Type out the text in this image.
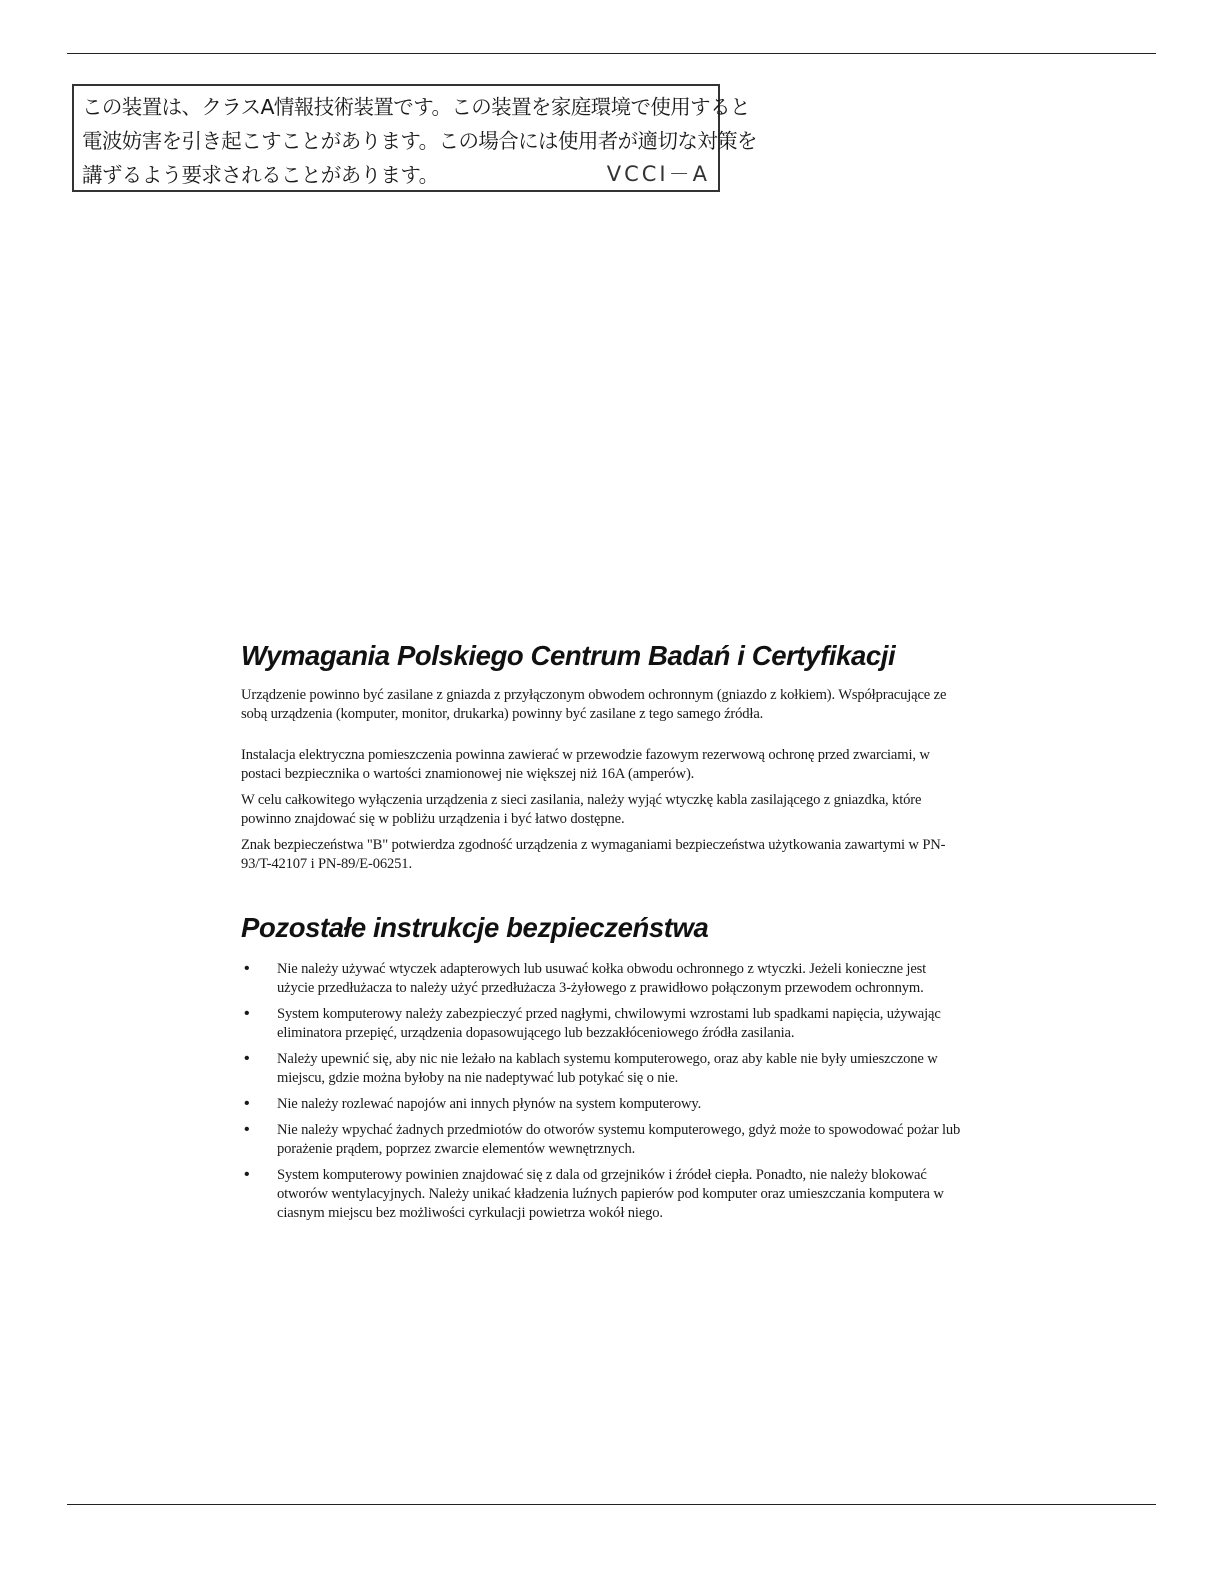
この装置は、クラスA情報技術装置です。この装置を家庭環境で使用すると
電波妨害を引き起こすことがあります。この場合には使用者が適切な対策を
講ずるよう要求されることがあります。	VCCI－A
Wymagania Polskiego Centrum Badań i Certyfikacji

Urządzenie powinno być zasilane z gniazda z przyłączonym obwodem ochronnym (gniazdo z kołkiem). Współpracujące ze sobą urządzenia (komputer, monitor, drukarka) powinny być zasilane z tego samego źródła.

Instalacja elektryczna pomieszczenia powinna zawierać w przewodzie fazowym rezerwową ochronę przed zwarciami, w postaci bezpiecznika o wartości znamionowej nie większej niż 16A (amperów).

W celu całkowitego wyłączenia urządzenia z sieci zasilania, należy wyjąć wtyczkę kabla zasilającego z gniazdka, które powinno znajdować się w pobliżu urządzenia i być łatwo dostępne.

Znak bezpieczeństwa "B" potwierdza zgodność urządzenia z wymaganiami bezpieczeństwa użytkowania zawartymi w PN-93/T-42107 i PN-89/E-06251.

Pozostałe instrukcje bezpieczeństwa
• Nie należy używać wtyczek adapterowych lub usuwać kołka obwodu ochronnego z wtyczki. Jeżeli konieczne jest użycie przedłużacza to należy użyć przedłużacza 3-żyłowego z prawidłowo połączonym przewodem ochronnym.
• System komputerowy należy zabezpieczyć przed nagłymi, chwilowymi wzrostami lub spadkami napięcia, używając eliminatora przepięć, urządzenia dopasowującego lub bezzakłóceniowego źródła zasilania.
• Należy upewnić się, aby nic nie leżało na kablach systemu komputerowego, oraz aby kable nie były umieszczone w miejscu, gdzie można byłoby na nie nadeptywać lub potykać się o nie.
• Nie należy rozlewać napojów ani innych płynów na system komputerowy.
• Nie należy wpychać żadnych przedmiotów do otworów systemu komputerowego, gdyż może to spowodować pożar lub porażenie prądem, poprzez zwarcie elementów wewnętrznych.
• System komputerowy powinien znajdować się z dala od grzejników i źródeł ciepła. Ponadto, nie należy blokować otworów wentylacyjnych. Należy unikać kładzenia luźnych papierów pod komputer oraz umieszczania komputera w ciasnym miejscu bez możliwości cyrkulacji powietrza wokół niego.
